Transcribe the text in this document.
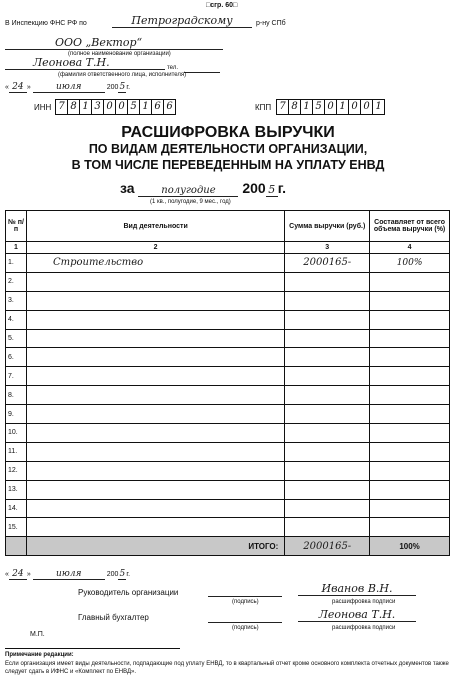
□сгр. 60□
В Инспекцию ФНС РФ по	Петроградскому	р-ну СПб
ООО „Вектор“
(полное наименование организации)
Леонова Т.Н.	тел.
(фамилия ответственного лица, исполнителя)
« 24 »	июля	2005г.
ИНН 7 8 1 3 0 0 5 1 6 6	КПП 7 8 1 5 0 1 0 0 1
РАСШИФРОВКА ВЫРУЧКИ
ПО ВИДАМ ДЕЯТЕЛЬНОСТИ ОРГАНИЗАЦИИ,
В ТОМ ЧИСЛЕ ПЕРЕВЕДЕННЫМ НА УПЛАТУ ЕНВД
за	полугодие 200 5 г.
(1 кв., полугодие, 9 мес., год)
№ п/п	Вид деятельности	Сумма выручки (руб.)	Составляет от всего объема выручки (%)
1	2	3	4
1.	Строительство	2000165-	100%
2.			
3.			
4.			
5.			
6.			
7.			
8.			
9.			
10.			
11.			
12.			
13.			
14.			
15.			
	ИТОГО:	2000165-	100%
« 24 »	июля	2005г.
Руководитель организации
(подпись)
Иванов В.Н.
расшифровка подписи
Главный бухгалтер
(подпись)
Леонова Т.Н.
расшифровка подписи
М.П.
Примечание редакции:
Если организация имеет виды деятельности, подпадающие под уплату ЕНВД, то в квартальный отчет кроме основного комплекта отчетных документов также следует сдать в ИФНС и «Комплект по ЕНВД».
